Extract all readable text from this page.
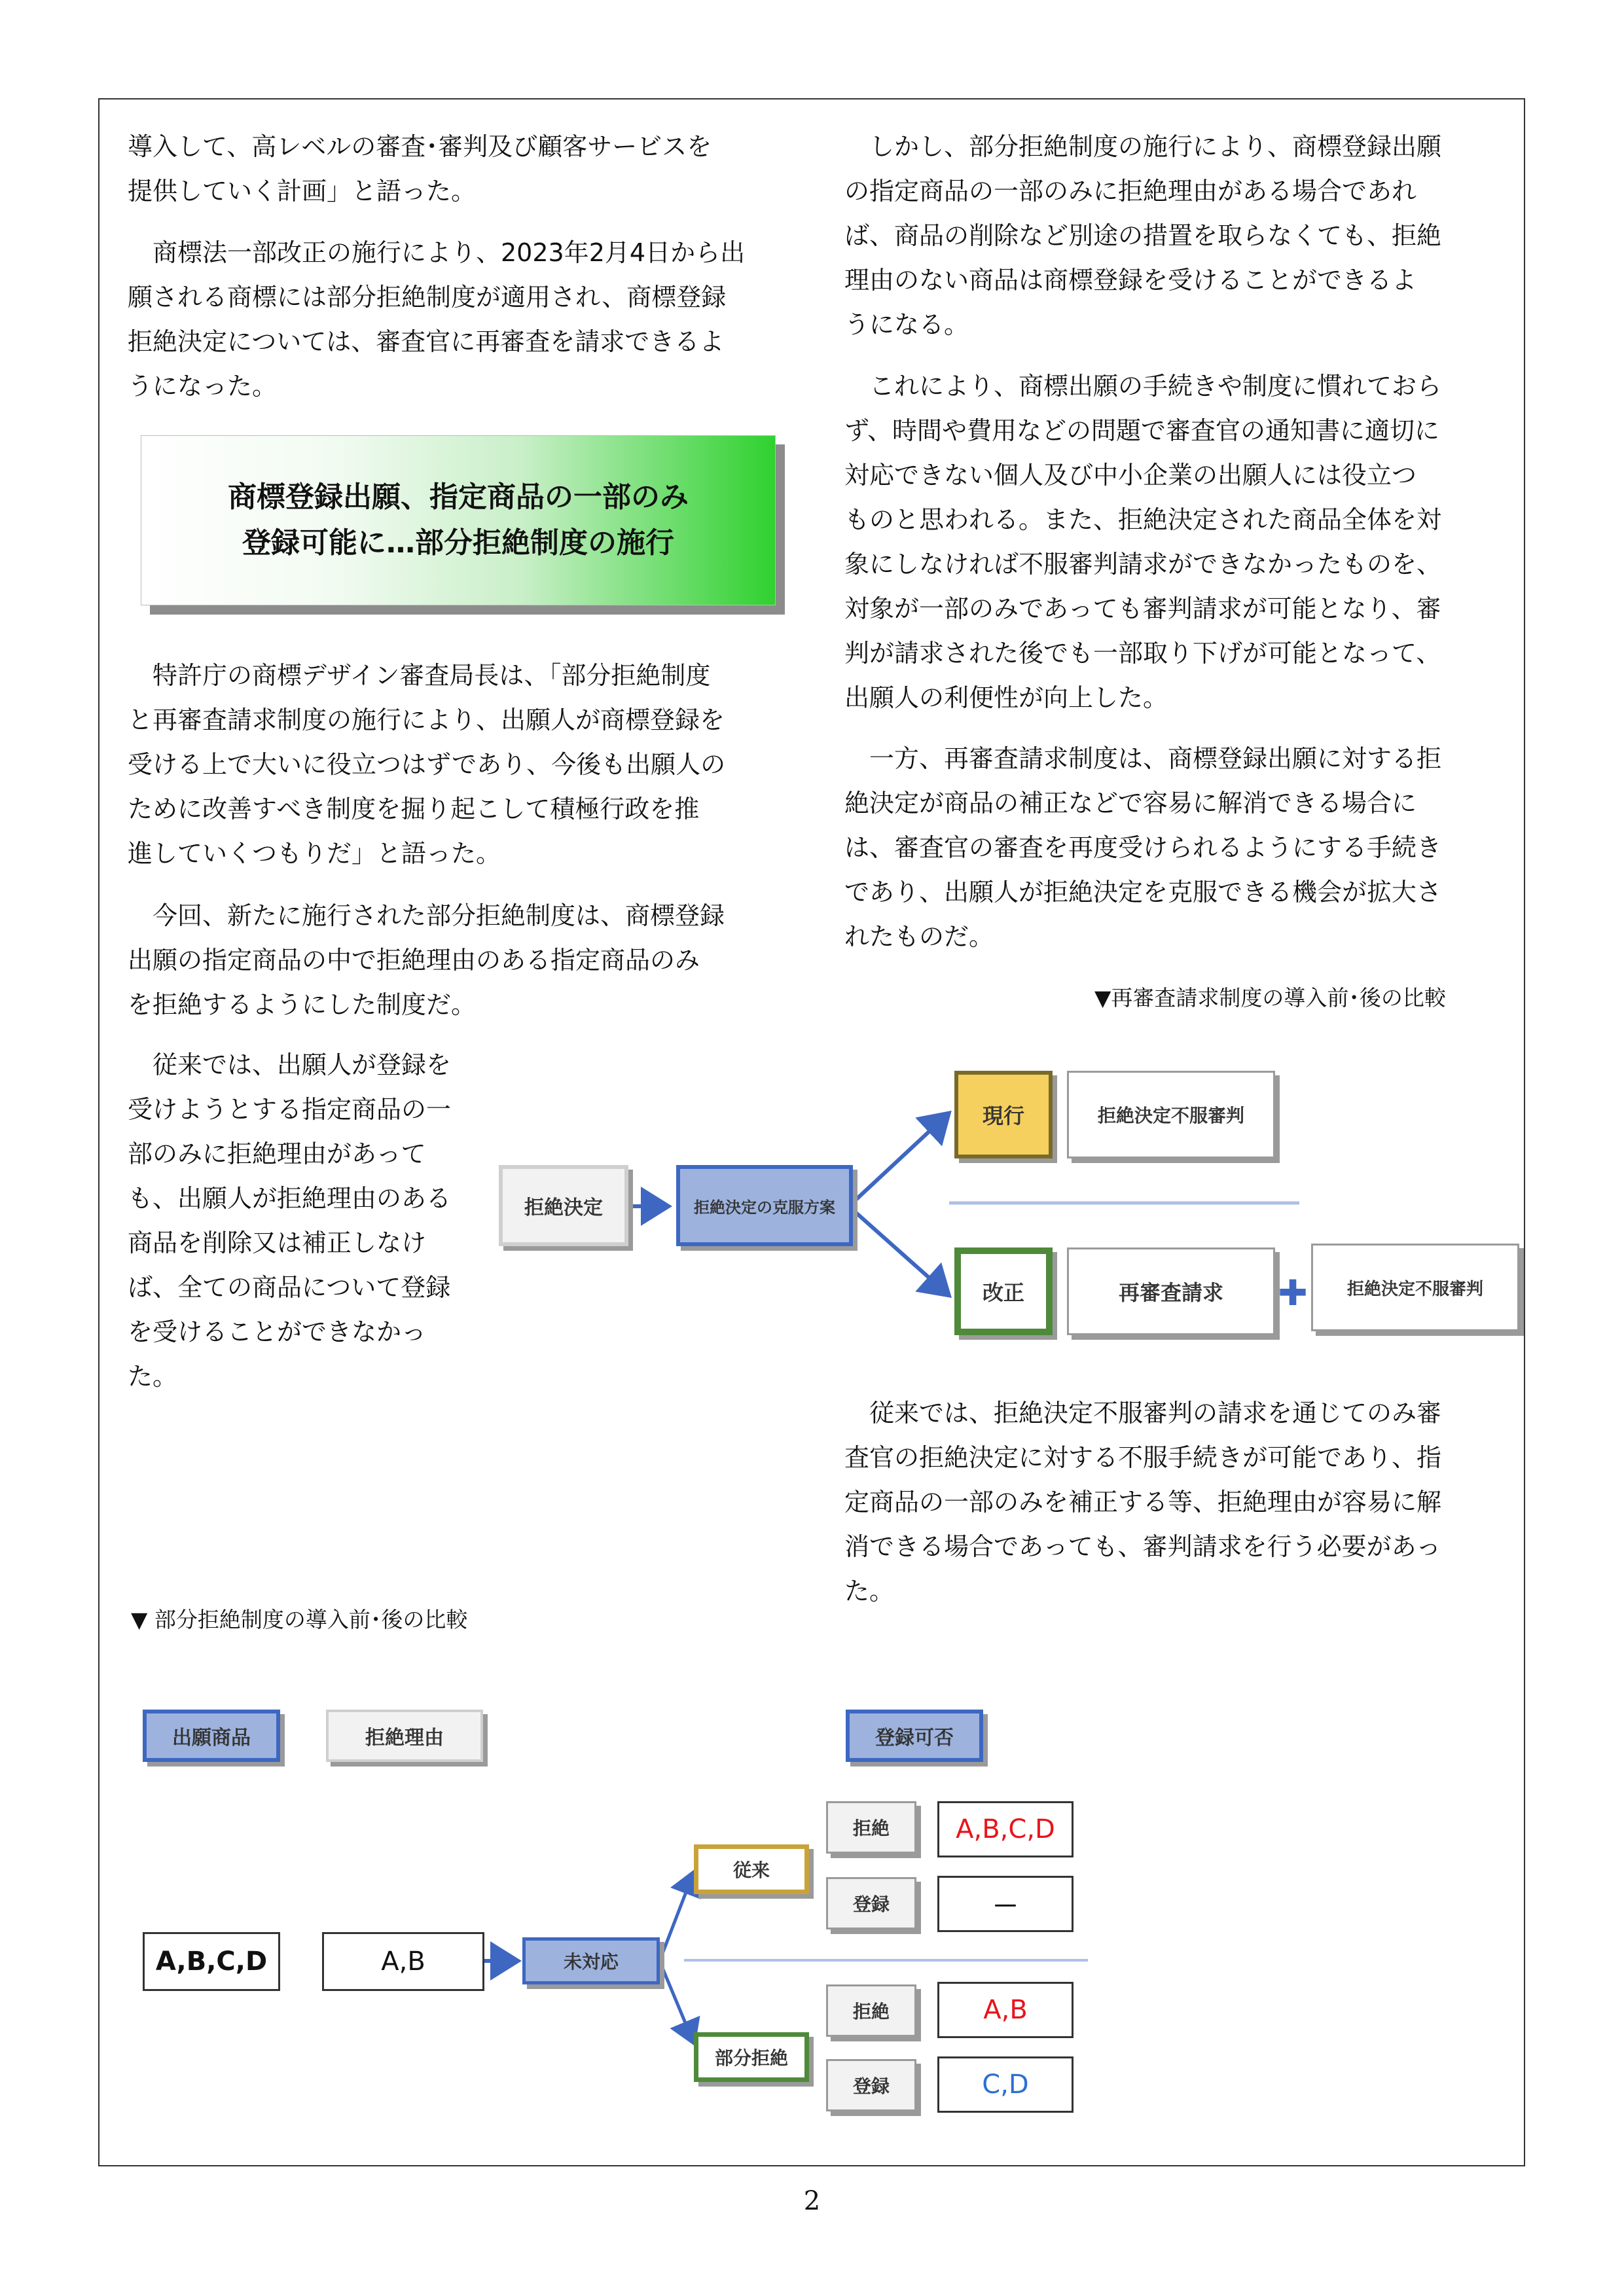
導入して、高レベルの審査･審判及び顧客サービスを
提供していく計画」と語った。
　商標法一部改正の施行により、2023年2月4日から出
願される商標には部分拒絶制度が適用され、商標登録
拒絶決定については、審査官に再審査を請求できるよ
うになった。
商標登録出願、指定商品の一部のみ
登録可能に…部分拒絶制度の施行
　特許庁の商標デザイン審査局長は、「部分拒絶制度
と再審査請求制度の施行により、出願人が商標登録を
受ける上で大いに役立つはずであり、今後も出願人の
ために改善すべき制度を掘り起こして積極行政を推
進していくつもりだ」と語った。
　今回、新たに施行された部分拒絶制度は、商標登録
出願の指定商品の中で拒絶理由のある指定商品のみ
を拒絶するようにした制度だ。
　従来では、出願人が登録を
受けようとする指定商品の一
部のみに拒絶理由があって
も、出願人が拒絶理由のある
商品を削除又は補正しなけ
ば、全ての商品について登録
を受けることができなかっ
た。
　しかし、部分拒絶制度の施行により、商標登録出願
の指定商品の一部のみに拒絶理由がある場合であれ
ば、商品の削除など別途の措置を取らなくても、拒絶
理由のない商品は商標登録を受けることができるよ
うになる。
　これにより、商標出願の手続きや制度に慣れておら
ず、時間や費用などの問題で審査官の通知書に適切に
対応できない個人及び中小企業の出願人には役立つ
ものと思われる。また、拒絶決定された商品全体を対
象にしなければ不服審判請求ができなかったものを、
対象が一部のみであっても審判請求が可能となり、審
判が請求された後でも一部取り下げが可能となって、
出願人の利便性が向上した。
　一方、再審査請求制度は、商標登録出願に対する拒
絶決定が商品の補正などで容易に解消できる場合に
は、審査官の審査を再度受けられるようにする手続き
であり、出願人が拒絶決定を克服できる機会が拡大さ
れたものだ。
　従来では、拒絶決定不服審判の請求を通じてのみ審
査官の拒絶決定に対する不服手続きが可能であり、指
定商品の一部のみを補正する等、拒絶理由が容易に解
消できる場合であっても、審判請求を行う必要があっ
た。
▼再審査請求制度の導入前･後の比較
拒絶決定	拒絶決定の克服方案
現行	拒絶決定不服審判
改正	再審査請求 ✚ 拒絶決定不服審判
▼ 部分拒絶制度の導入前･後の比較
出願商品	拒絶理由	登録可否
A,B,C,D	A,B	未対応
従来
部分拒絶
拒絶	A,B,C,D
登録	－
拒絶	A,B
登録	C,D
2
